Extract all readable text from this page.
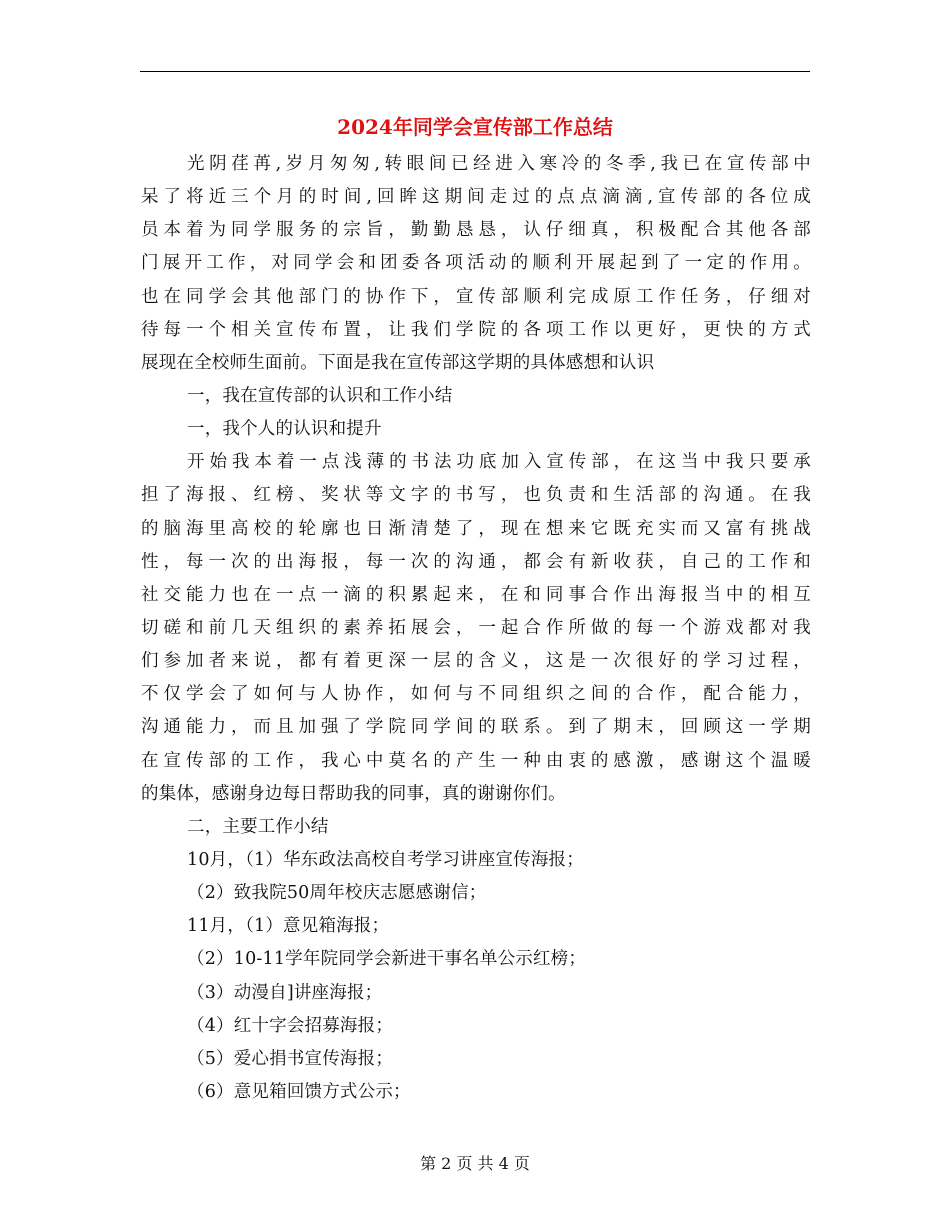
2024年同学会宣传部工作总结
光阴荏苒,岁月匆匆,转眼间已经进入寒冷的冬季,我已在宣传部中
呆了将近三个月的时间,回眸这期间走过的点点滴滴,宣传部的各位成
员本着为同学服务的宗旨，勤勤恳恳，认仔细真，积极配合其他各部
门展开工作，对同学会和团委各项活动的顺利开展起到了一定的作用。
也在同学会其他部门的协作下，宣传部顺利完成原工作任务，仔细对
待每一个相关宣传布置，让我们学院的各项工作以更好，更快的方式
展现在全校师生面前。下面是我在宣传部这学期的具体感想和认识
一，我在宣传部的认识和工作小结
一，我个人的认识和提升
开始我本着一点浅薄的书法功底加入宣传部，在这当中我只要承
担了海报、红榜、奖状等文字的书写，也负责和生活部的沟通。在我
的脑海里高校的轮廓也日渐清楚了，现在想来它既充实而又富有挑战
性，每一次的出海报，每一次的沟通，都会有新收获，自己的工作和
社交能力也在一点一滴的积累起来，在和同事合作出海报当中的相互
切磋和前几天组织的素养拓展会，一起合作所做的每一个游戏都对我
们参加者来说，都有着更深一层的含义，这是一次很好的学习过程，
不仅学会了如何与人协作，如何与不同组织之间的合作，配合能力，
沟通能力，而且加强了学院同学间的联系。到了期末，回顾这一学期
在宣传部的工作，我心中莫名的产生一种由衷的感激，感谢这个温暖
的集体，感谢身边每日帮助我的同事，真的谢谢你们。
二，主要工作小结
10月，（1）华东政法高校自考学习讲座宣传海报；
（2）致我院50周年校庆志愿感谢信；
11月，（1）意见箱海报；
（2）10-11学年院同学会新进干事名单公示红榜；
（3）动漫自]讲座海报；
（4）红十字会招募海报；
（5）爱心捐书宣传海报；
（6）意见箱回馈方式公示；
第 2 页 共 4 页
